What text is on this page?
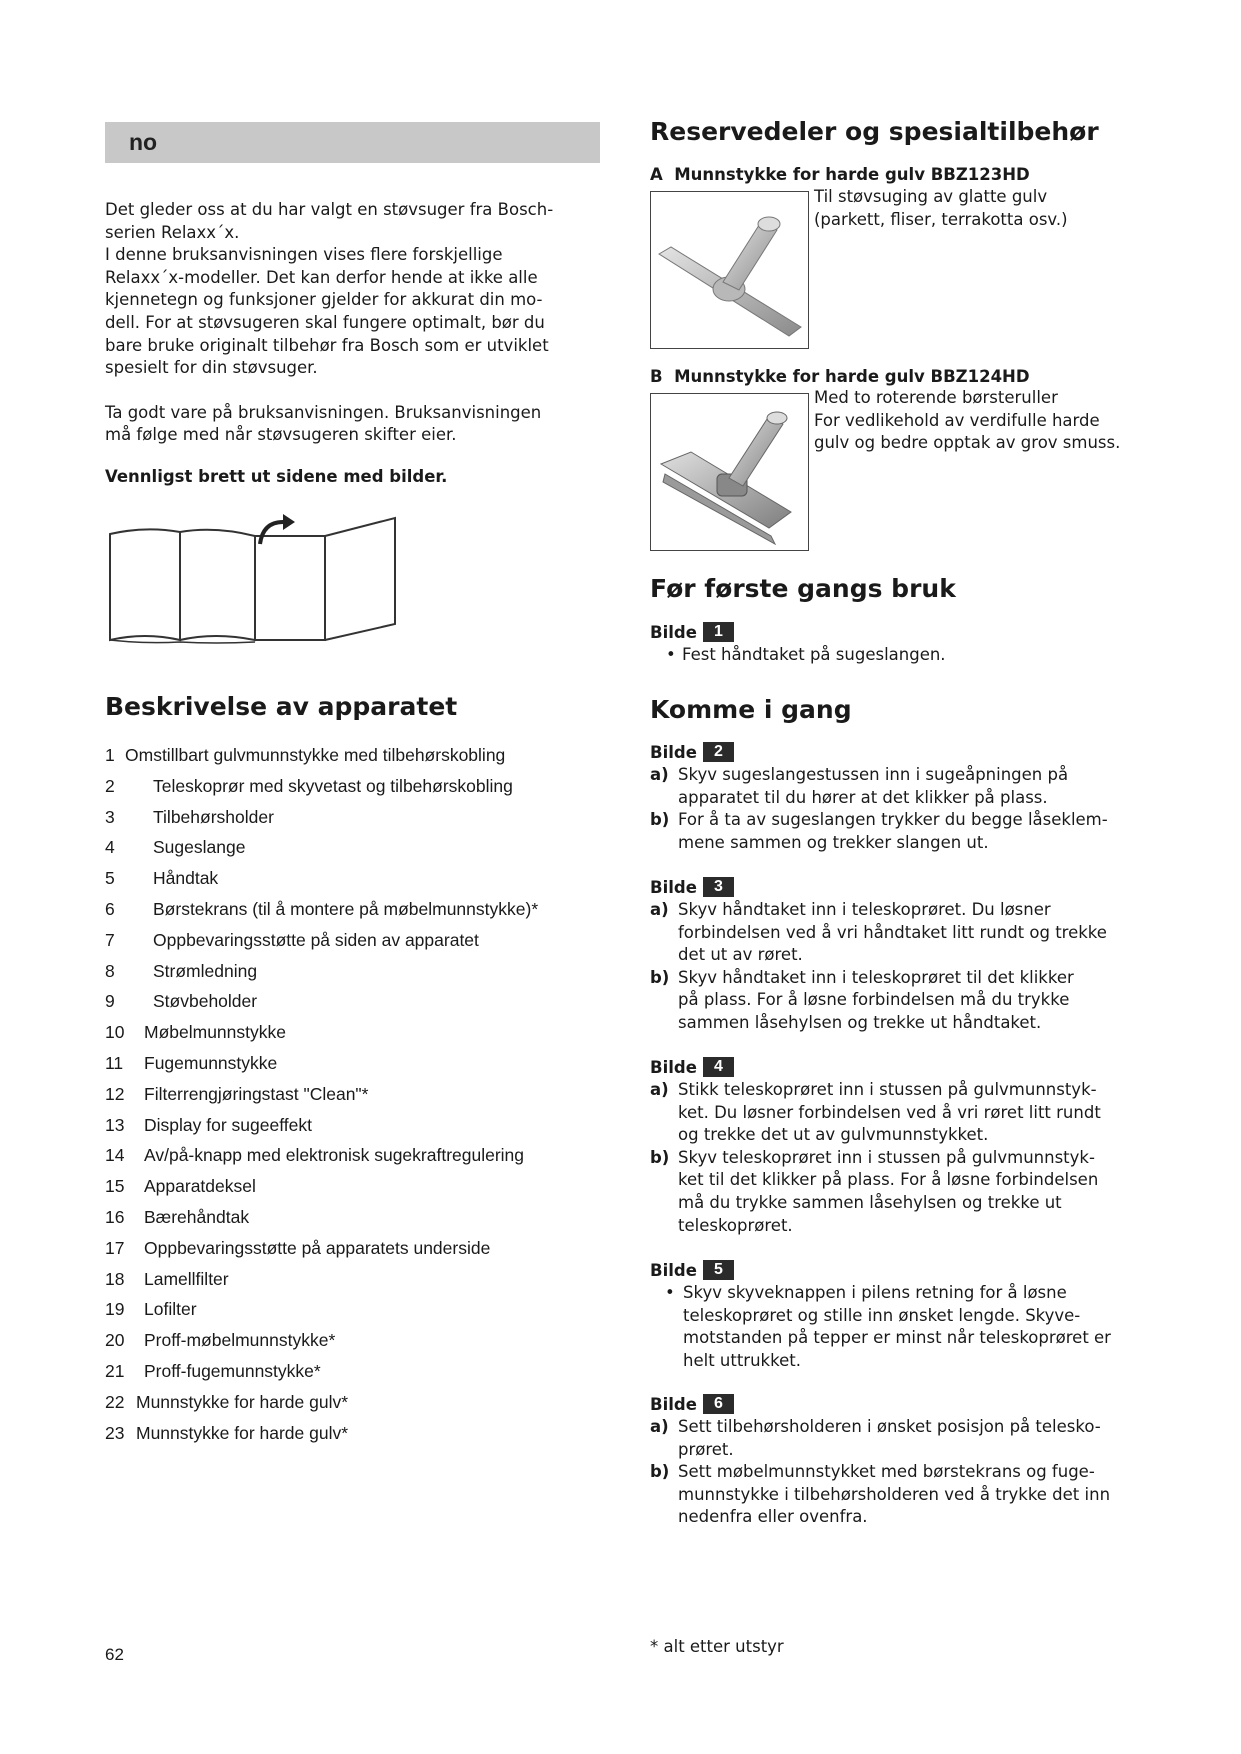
no

Det gleder oss at du har valgt en støvsuger fra Bosch-

serien Relaxx´x.

I denne bruksanvisningen vises flere forskjellige

Relaxx´x-modeller. Det kan derfor hende at ikke alle

kjennetegn og funksjoner gjelder for akkurat din mo-

dell. For at støvsugeren skal fungere optimalt, bør du

bare bruke originalt tilbehør fra Bosch som er utviklet

spesielt for din støvsuger.

Ta godt vare på bruksanvisningen. Bruksanvisningen

må følge med når støvsugeren skifter eier.

Vennligst brett ut sidene med bilder.
Beskrivelse av apparatet
1 Omstillbart gulvmunnstykke med tilbehørskobling
2	Teleskoprør med skyvetast og tilbehørskobling
3	Tilbehørsholder
4	Sugeslange
5	Håndtak
6	Børstekrans (til å montere på møbelmunnstykke)*
7	Oppbevaringsstøtte på siden av apparatet
8	Strømledning
9	Støvbeholder
10	Møbelmunnstykke
11	Fugemunnstykke
12	Filterrengjøringstast "Clean"*
13	Display for sugeeffekt
14	Av/på-knapp med elektronisk sugekraftregulering
15	Apparatdeksel
16	Bærehåndtak
17	Oppbevaringsstøtte på apparatets underside
18	Lamellfilter
19	Lofilter
20	Proff-møbelmunnstykke*
21	Proff-fugemunnstykke*
22 Munnstykke for harde gulv*
23 Munnstykke for harde gulv*
62
Reservedeler og spesialtilbehør
A  Munnstykke for harde gulv BBZ123HD
Til støvsuging av glatte gulv
(parkett, fliser, terrakotta osv.)
B  Munnstykke for harde gulv BBZ124HD
Med to roterende børsteruller
For vedlikehold av verdifulle harde
gulv og bedre opptak av grov smuss.
Før første gangs bruk
Bilde	1
• Fest håndtaket på sugeslangen.
Komme i gang
Bilde	2
a) Skyv sugeslangestussen inn i sugeåpningen på
apparatet til du hører at det klikker på plass.
b) For å ta av sugeslangen trykker du begge låseklem-
mene sammen og trekker slangen ut.
Bilde	3
a) Skyv håndtaket inn i teleskoprøret. Du løsner
forbindelsen ved å vri håndtaket litt rundt og trekke
det ut av røret.
b) Skyv håndtaket inn i teleskoprøret til det klikker
på plass. For å løsne forbindelsen må du trykke
sammen låsehylsen og trekke ut håndtaket.
Bilde	4
a) Stikk teleskoprøret inn i stussen på gulvmunnstyk-
ket. Du løsner forbindelsen ved å vri røret litt rundt
og trekke det ut av gulvmunnstykket.
b) Skyv teleskoprøret inn i stussen på gulvmunnstyk-
ket til det klikker på plass. For å løsne forbindelsen
må du trykke sammen låsehylsen og trekke ut
teleskoprøret.
Bilde	5
• Skyv skyveknappen i pilens retning for å løsne
teleskoprøret og stille inn ønsket lengde. Skyve-
motstanden på tepper er minst når teleskoprøret er
helt uttrukket.
Bilde	6
a) Sett tilbehørsholderen i ønsket posisjon på telesko-
prøret.
b) Sett møbelmunnstykket med børstekrans og fuge-
munnstykke i tilbehørsholderen ved å trykke det inn
nedenfra eller ovenfra.
* alt etter utstyr
